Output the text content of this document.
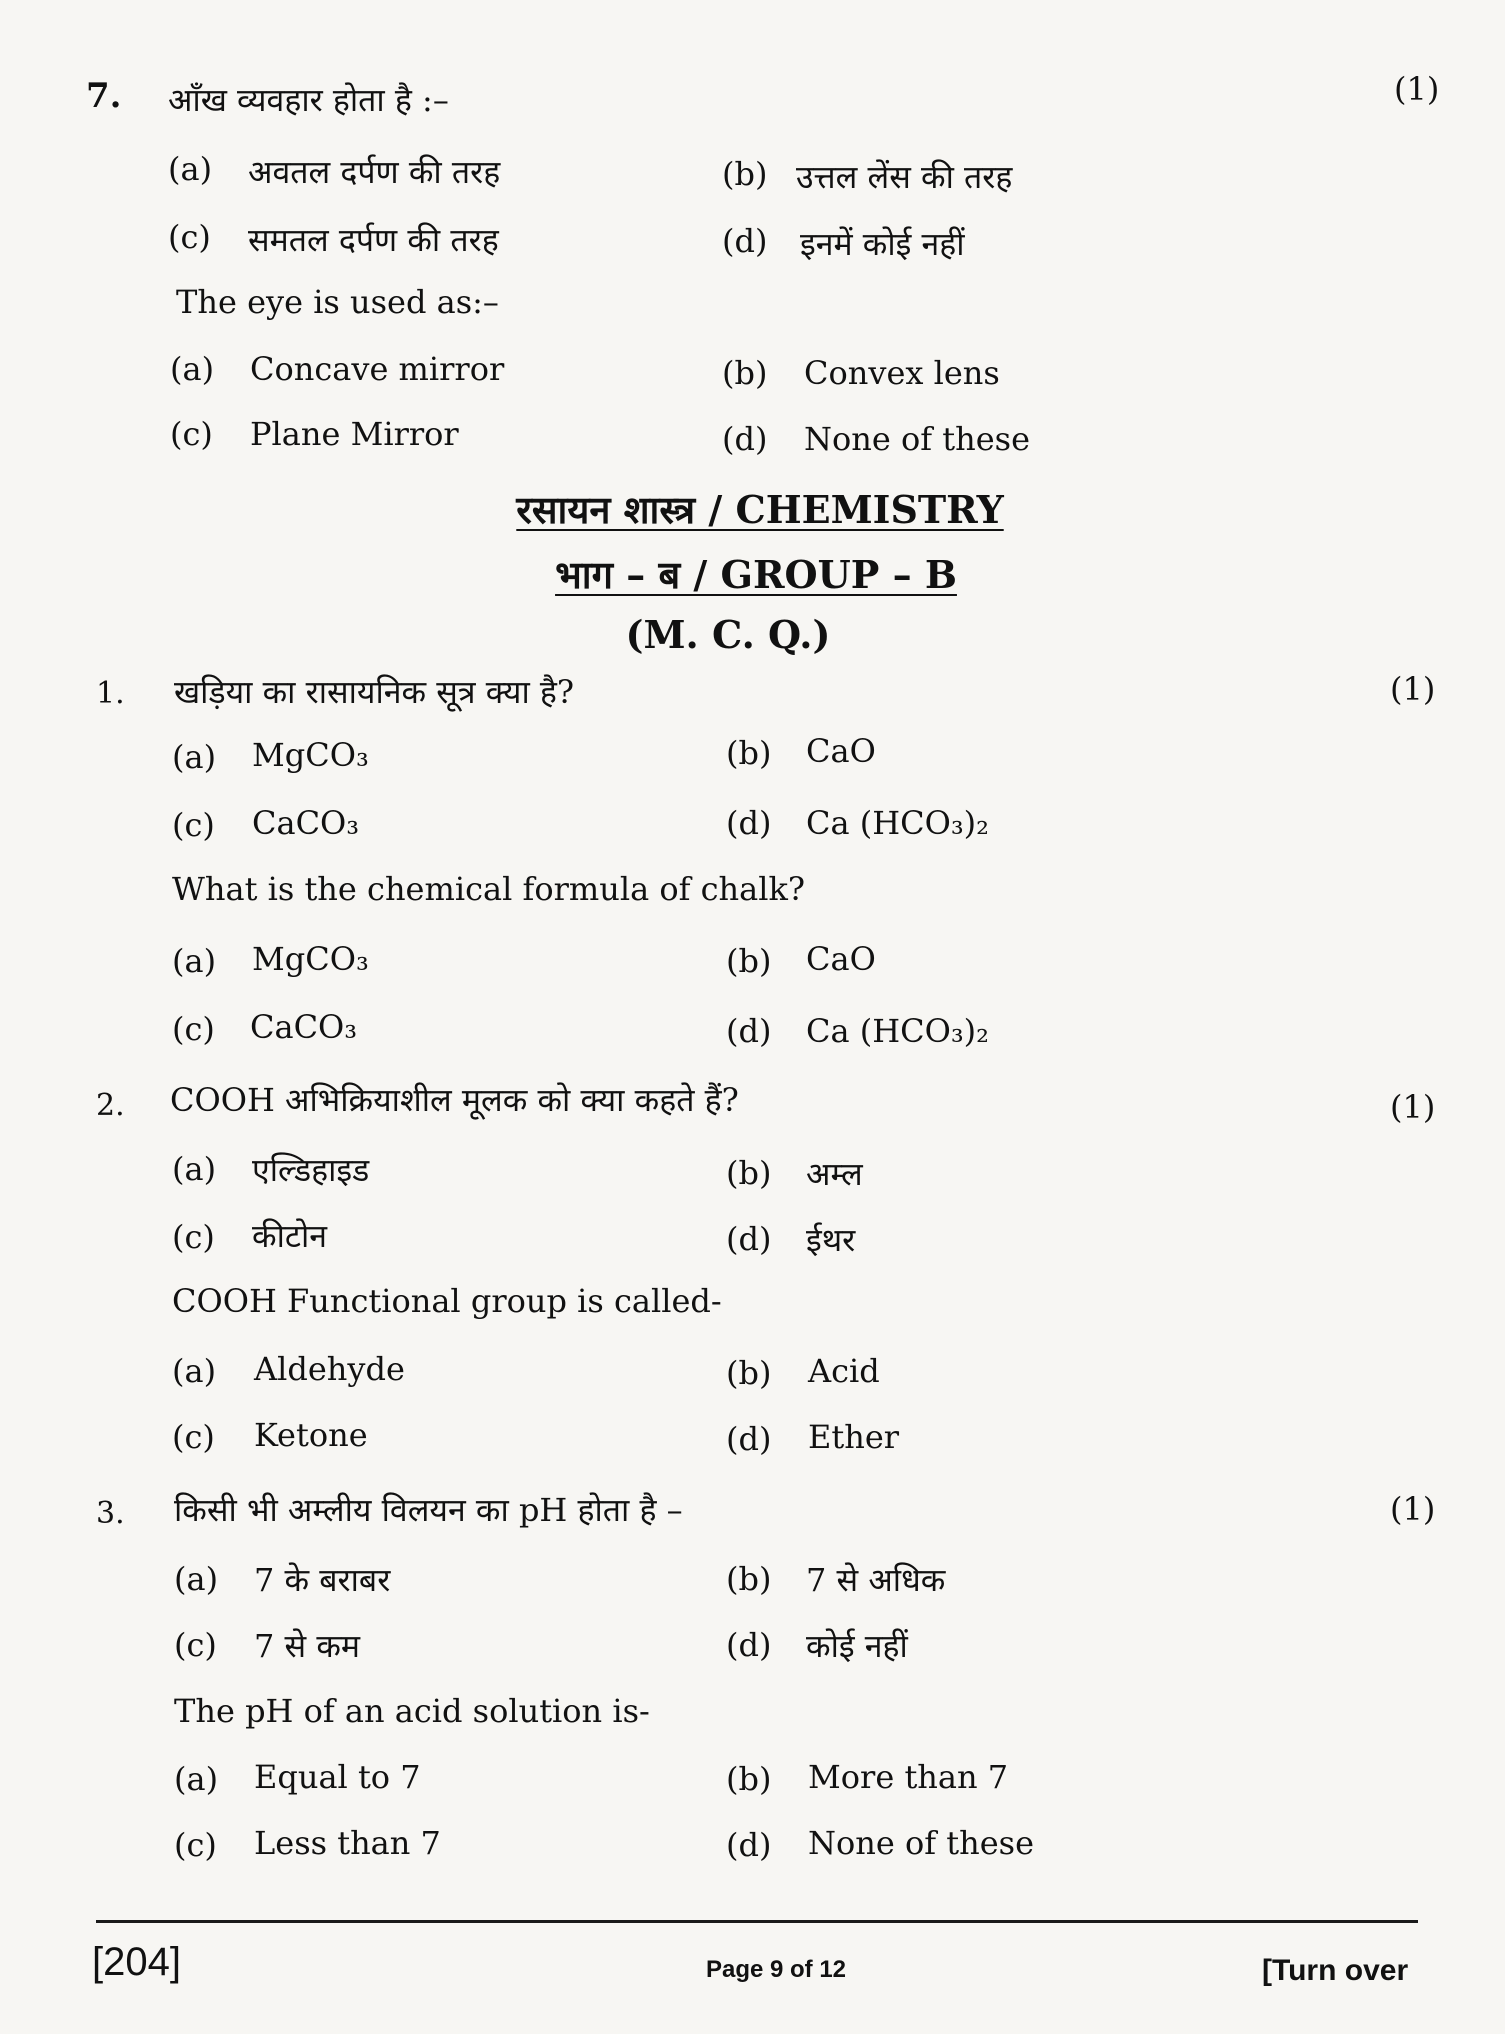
7. आँख व्यवहार होता है :–	(1)
(a) अवतल दर्पण की तरह	(b) उत्तल लेंस की तरह
(c) समतल दर्पण की तरह	(d) इनमें कोई नहीं
The eye is used as:–
(a) Concave mirror	(b) Convex lens
(c) Plane Mirror	(d) None of these
रसायन शास्त्र / CHEMISTRY
भाग – ब / GROUP – B
(M. C. Q.)
1. खड़िया का रासायनिक सूत्र क्या है?	(1)
(a) MgCO₃	(b) CaO
(c) CaCO₃	(d) Ca (HCO₃)₂
What is the chemical formula of chalk?
(a) MgCO₃	(b) CaO
(c) CaCO₃	(d) Ca (HCO₃)₂
2. COOH अभिक्रियाशील मूलक को क्या कहते हैं?	(1)
(a) एल्डिहाइड	(b) अम्ल
(c) कीटोन	(d) ईथर
COOH Functional group is called-
(a) Aldehyde	(b) Acid
(c) Ketone	(d) Ether
3. किसी भी अम्लीय विलयन का pH होता है –	(1)
(a) 7 के बराबर	(b) 7 से अधिक
(c) 7 से कम	(d) कोई नहीं
The pH of an acid solution is-
(a) Equal to 7	(b) More than 7
(c) Less than 7	(d) None of these
[204]	Page 9 of 12	[Turn over
